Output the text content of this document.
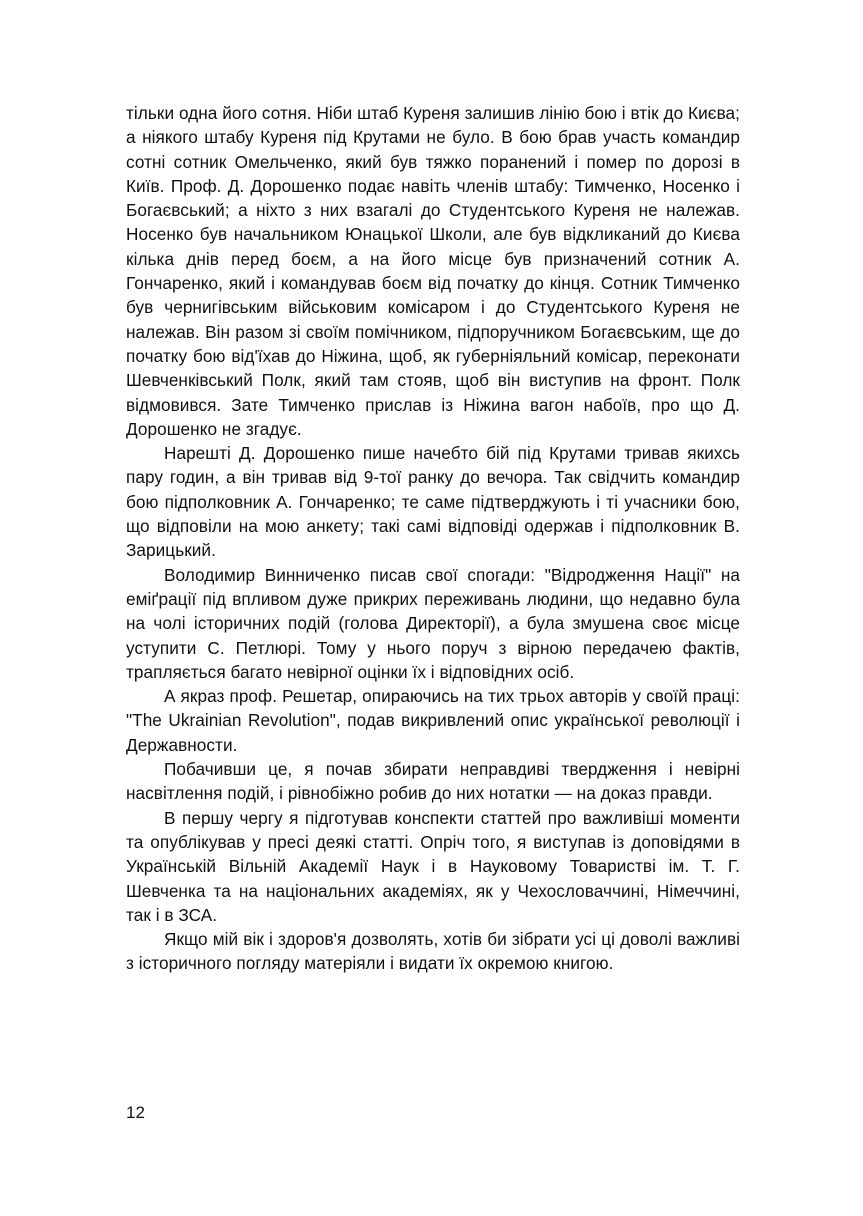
тільки одна його сотня. Ніби штаб Куреня залишив лінію бою і втік до Києва; а ніякого штабу Куреня під Крутами не було. В бою брав участь командир сотні сотник Омельченко, який був тяжко поранений і помер по дорозі в Київ. Проф. Д. Дорошенко подає навіть членів штабу: Тимченко, Носенко і Богаєвський; а ніхто з них взагалі до Студентського Куреня не належав. Носенко був начальником Юнацької Школи, але був відкликаний до Києва кілька днів перед боєм, а на його місце був призначений сотник А. Гончаренко, який і командував боєм від початку до кінця. Сотник Тимченко був чернигівським військовим комісаром і до Студентського Куреня не належав. Він разом зі своїм помічником, підпоручником Богаєвським, ще до початку бою від'їхав до Ніжина, щоб, як губерніяльний комісар, переконати Шевченківський Полк, який там стояв, щоб він виступив на фронт. Полк відмовився. Зате Тимченко прислав із Ніжина вагон набоїв, про що Д. Дорошенко не згадує.

Нарешті Д. Дорошенко пише начебто бій під Крутами тривав якихсь пару годин, а він тривав від 9-тої ранку до вечора. Так свідчить командир бою підполковник А. Гончаренко; те саме підтверджують і ті учасники бою, що відповіли на мою анкету; такі самі відповіді одержав і підполковник В. Зарицький.

Володимир Винниченко писав свої спогади: "Відродження Нації" на еміґрації під впливом дуже прикрих переживань людини, що недавно була на чолі історичних подій (голова Директорії), а була змушена своє місце уступити С. Петлюрі. Тому у нього поруч з вірною передачею фактів, трапляється багато невірної оцінки їх і відповідних осіб.

А якраз проф. Решетар, опираючись на тих трьох авторів у своїй праці: "The Ukrainian Revolution", подав викривлений опис української революції і Державности.

Побачивши це, я почав збирати неправдиві твердження і невірні насвітлення подій, і рівнобіжно робив до них нотатки — на доказ правди.

В першу чергу я підготував конспекти статтей про важливіші моменти та опублікував у пресі деякі статті. Опріч того, я виступав із доповідями в Українській Вільній Академії Наук і в Науковому Товаристві ім. Т. Г. Шевченка та на національних академіях, як у Чехословаччині, Німеччині, так і в ЗСА.

Якщо мій вік і здоров'я дозволять, хотів би зібрати усі ці доволі важливі з історичного погляду матеріяли і видати їх окремою книгою.

12
